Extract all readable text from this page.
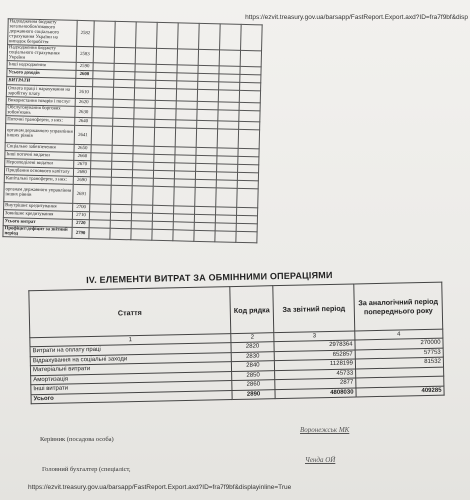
https://ezvit.treasury.gov.ua/barsapp/FastReport.Export.axd?ID=fra7f9bf&disp
Надходження бюджету загальнообов'язкового державного соціального страхування України на випадок безробіття	2582								
Надходження бюджету соціального страхування України	2583								
Інші надходження	2590								
Усього доходів	2600								
ВИТРАТИ									
Оплата праці і нарахування на заробітну плату	2610								
Використання товарів і послуг	2620								
Обслуговування боргових зобов'язань	2630								
Поточні трансферти, з них:	2640								
органам державного управління інших рівнів	2641								
Соціальне забезпечення	2650								
Інші поточні видатки	2660								
Нерозподілені видатки	2670								
Придбання основного капіталу	2680								
Капітальні трансферти, з них:	2690								
органам державного управління інших рівнів	2691								
Внутрішнє кредитування	2700								
Зовнішнє кредитування	2710								
Усього витрат	2720								
Профіцит/дефіцит за звітний період	2790								
IV. ЕЛЕМЕНТИ ВИТРАТ ЗА ОБМІННИМИ ОПЕРАЦІЯМИ
Стаття	Код рядка	За звітний період	За аналогічний період попереднього року
1	2	3	4
Витрати на оплату праці	2820	2978364	270000
Відрахування на соціальні заходи	2830	652857	57753
Матеріальні витрати	2840	1128199	81532
Амортизація	2850	45733	
Інші витрати	2860	2877	
Усього	2890	4808030	409285
Керівник (посадова особа)
Воронежськ МК
Головний бухгалтер (спеціаліст,
Ченда ОЙ
https://ezvit.treasury.gov.ua/barsapp/FastReport.Export.axd?ID=fra7f9bf&displayinline=True
